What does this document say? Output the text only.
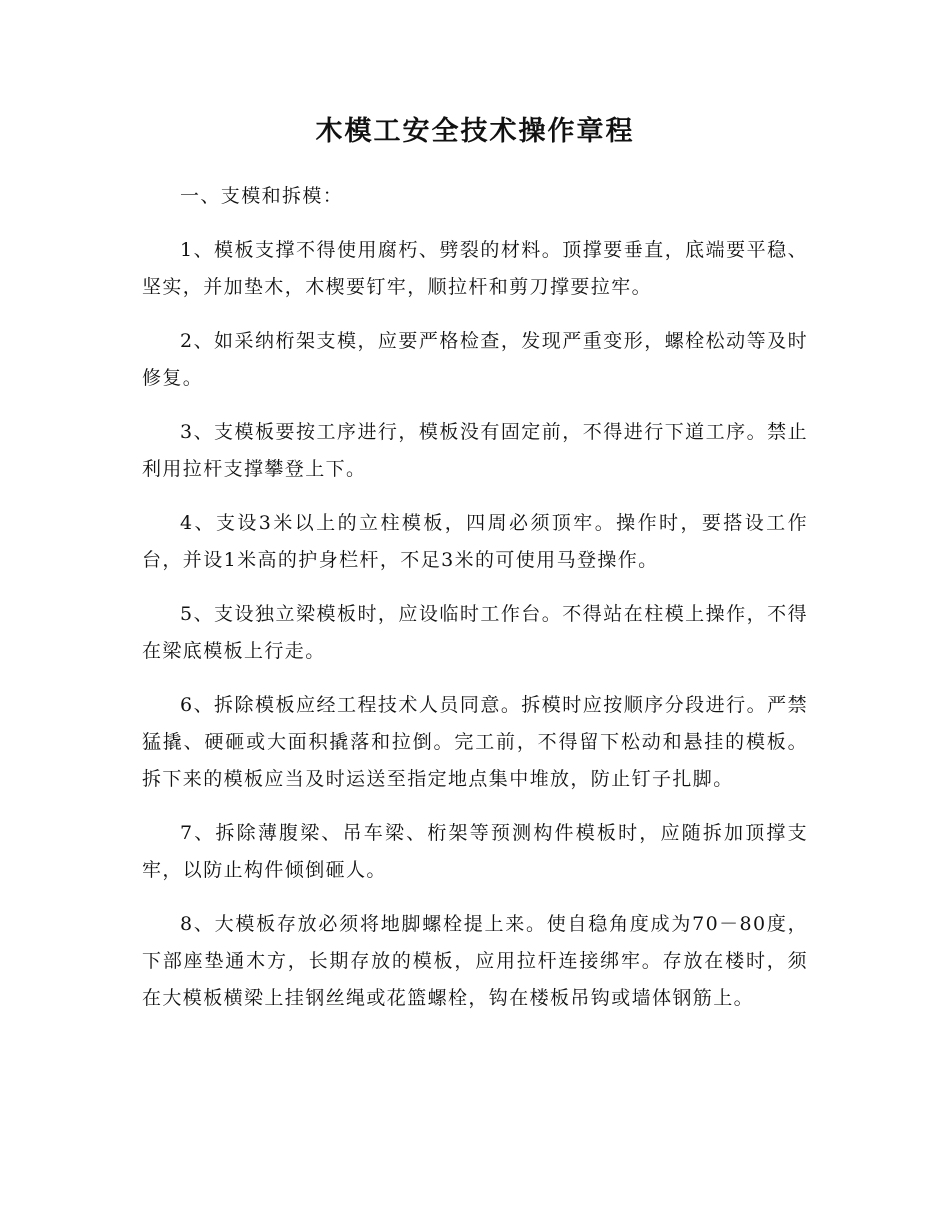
木模工安全技术操作章程

一、支模和拆模：

1、模板支撑不得使用腐朽、劈裂的材料。顶撑要垂直，底端要平稳、坚实，并加垫木，木楔要钉牢，顺拉杆和剪刀撑要拉牢。

2、如采纳桁架支模，应要严格检查，发现严重变形，螺栓松动等及时修复。

3、支模板要按工序进行，模板没有固定前，不得进行下道工序。禁止利用拉杆支撑攀登上下。

4、支设3米以上的立柱模板，四周必须顶牢。操作时，要搭设工作台，并设1米高的护身栏杆，不足3米的可使用马登操作。

5、支设独立梁模板时，应设临时工作台。不得站在柱模上操作，不得在梁底模板上行走。

6、拆除模板应经工程技术人员同意。拆模时应按顺序分段进行。严禁猛撬、硬砸或大面积撬落和拉倒。完工前，不得留下松动和悬挂的模板。拆下来的模板应当及时运送至指定地点集中堆放，防止钉子扎脚。

7、拆除薄腹梁、吊车梁、桁架等预测构件模板时，应随拆加顶撑支牢，以防止构件倾倒砸人。

8、大模板存放必须将地脚螺栓提上来。使自稳角度成为70－80度，下部座垫通木方，长期存放的模板，应用拉杆连接绑牢。存放在楼时，须在大模板横梁上挂钢丝绳或花篮螺栓，钩在楼板吊钩或墙体钢筋上。
